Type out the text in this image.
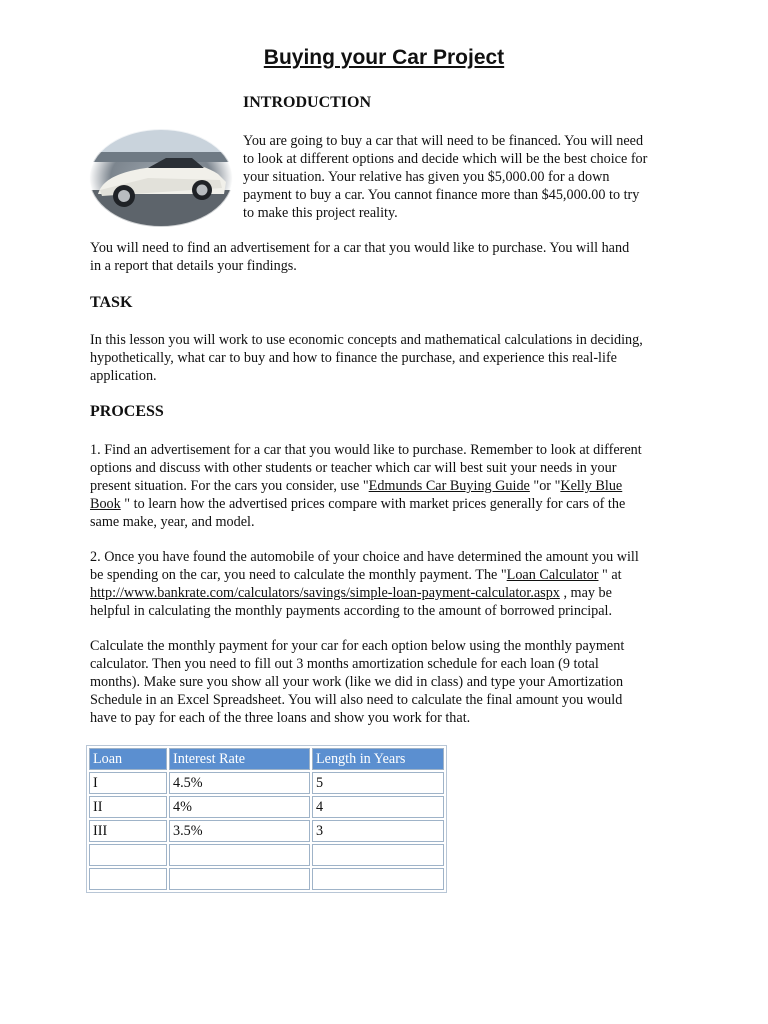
Buying your Car Project
INTRODUCTION

You are going to buy a car that will need to be financed. You will need
to look at different options and decide which will be the best choice for
your situation. Your relative has given you $5,000.00 for a down
payment to buy a car. You cannot finance more than $45,000.00 to try
to make this project reality.

You will need to find an advertisement for a car that you would like to purchase. You will hand
in a report that details your findings.

TASK

In this lesson you will work to use economic concepts and mathematical calculations in deciding,
hypothetically, what car to buy and how to finance the purchase, and experience this real-life
application.

PROCESS

1. Find an advertisement for a car that you would like to purchase. Remember to look at different
options and discuss with other students or teacher which car will best suit your needs in your
present situation. For the cars you consider, use "Edmunds Car Buying Guide "or "Kelly Blue
Book " to learn how the advertised prices compare with market prices generally for cars of the
same make, year, and model.

2. Once you have found the automobile of your choice and have determined the amount you will
be spending on the car, you need to calculate the monthly payment. The "Loan Calculator " at
http://www.bankrate.com/calculators/savings/simple-loan-payment-calculator.aspx , may be
helpful in calculating the monthly payments according to the amount of borrowed principal.

Calculate the monthly payment for your car for each option below using the monthly payment
calculator. Then you need to fill out 3 months amortization schedule for each loan (9 total
months). Make sure you show all your work (like we did in class) and type your Amortization
Schedule in an Excel Spreadsheet. You will also need to calculate the final amount you would
have to pay for each of the three loans and show you work for that.

Loan	Interest Rate	Length in Years
I	4.5%	5
II	4%	4
III	3.5%	3
